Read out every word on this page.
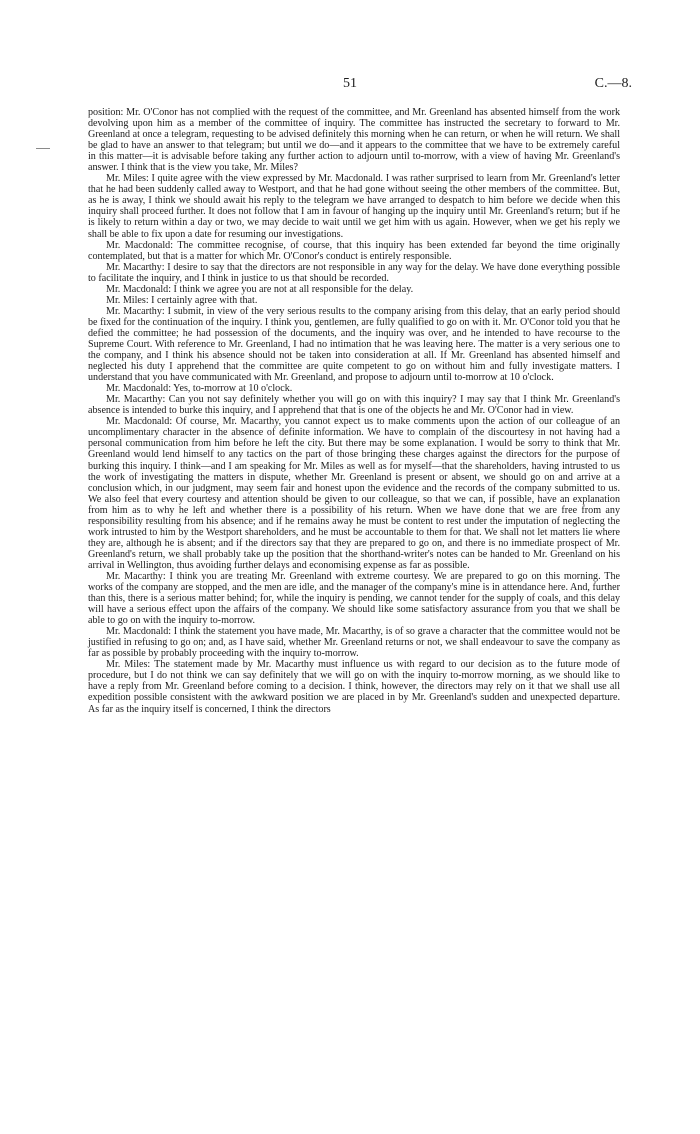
51	C.—8.

position: Mr. O'Conor has not complied with the request of the committee, and Mr. Greenland has absented himself from the work devolving upon him as a member of the committee of inquiry. The committee has instructed the secretary to forward to Mr. Greenland at once a telegram, requesting to be advised definitely this morning when he can return, or when he will return. We shall be glad to have an answer to that telegram; but until we do—and it appears to the committee that we have to be extremely careful in this matter—it is advisable before taking any further action to adjourn until to-morrow, with a view of having Mr. Greenland's answer. I think that is the view you take, Mr. Miles?

Mr. Miles: I quite agree with the view expressed by Mr. Macdonald. I was rather surprised to learn from Mr. Greenland's letter that he had been suddenly called away to Westport, and that he had gone without seeing the other members of the committee. But, as he is away, I think we should await his reply to the telegram we have arranged to despatch to him before we decide when this inquiry shall proceed further. It does not follow that I am in favour of hanging up the inquiry until Mr. Greenland's return; but if he is likely to return within a day or two, we may decide to wait until we get him with us again. However, when we get his reply we shall be able to fix upon a date for resuming our investigations.

Mr. Macdonald: The committee recognise, of course, that this inquiry has been extended far beyond the time originally contemplated, but that is a matter for which Mr. O'Conor's conduct is entirely responsible.

Mr. Macarthy: I desire to say that the directors are not responsible in any way for the delay. We have done everything possible to facilitate the inquiry, and I think in justice to us that should be recorded.

Mr. Macdonald: I think we agree you are not at all responsible for the delay.

Mr. Miles: I certainly agree with that.

Mr. Macarthy: I submit, in view of the very serious results to the company arising from this delay, that an early period should be fixed for the continuation of the inquiry. I think you, gentlemen, are fully qualified to go on with it. Mr. O'Conor told you that he defied the committee; he had possession of the documents, and the inquiry was over, and he intended to have recourse to the Supreme Court. With reference to Mr. Greenland, I had no intimation that he was leaving here. The matter is a very serious one to the company, and I think his absence should not be taken into consideration at all. If Mr. Greenland has absented himself and neglected his duty I apprehend that the committee are quite competent to go on without him and fully investigate matters. I understand that you have communicated with Mr. Greenland, and propose to adjourn until to-morrow at 10 o'clock.

Mr. Macdonald: Yes, to-morrow at 10 o'clock.

Mr. Macarthy: Can you not say definitely whether you will go on with this inquiry? I may say that I think Mr. Greenland's absence is intended to burke this inquiry, and I apprehend that that is one of the objects he and Mr. O'Conor had in view.

Mr. Macdonald: Of course, Mr. Macarthy, you cannot expect us to make comments upon the action of our colleague of an uncomplimentary character in the absence of definite information. We have to complain of the discourtesy in not having had a personal communication from him before he left the city. But there may be some explanation. I would be sorry to think that Mr. Greenland would lend himself to any tactics on the part of those bringing these charges against the directors for the purpose of burking this inquiry. I think—and I am speaking for Mr. Miles as well as for myself—that the shareholders, having intrusted to us the work of investigating the matters in dispute, whether Mr. Greenland is present or absent, we should go on and arrive at a conclusion which, in our judgment, may seem fair and honest upon the evidence and the records of the company submitted to us. We also feel that every courtesy and attention should be given to our colleague, so that we can, if possible, have an explanation from him as to why he left and whether there is a possibility of his return. When we have done that we are free from any responsibility resulting from his absence; and if he remains away he must be content to rest under the imputation of neglecting the work intrusted to him by the Westport shareholders, and he must be accountable to them for that. We shall not let matters lie where they are, although he is absent; and if the directors say that they are prepared to go on, and there is no immediate prospect of Mr. Greenland's return, we shall probably take up the position that the shorthand-writer's notes can be handed to Mr. Greenland on his arrival in Wellington, thus avoiding further delays and economising expense as far as possible.

Mr. Macarthy: I think you are treating Mr. Greenland with extreme courtesy. We are prepared to go on this morning. The works of the company are stopped, and the men are idle, and the manager of the company's mine is in attendance here. And, further than this, there is a serious matter behind; for, while the inquiry is pending, we cannot tender for the supply of coals, and this delay will have a serious effect upon the affairs of the company. We should like some satisfactory assurance from you that we shall be able to go on with the inquiry to-morrow.

Mr. Macdonald: I think the statement you have made, Mr. Macarthy, is of so grave a character that the committee would not be justified in refusing to go on; and, as I have said, whether Mr. Greenland returns or not, we shall endeavour to save the company as far as possible by probably proceeding with the inquiry to-morrow.

Mr. Miles: The statement made by Mr. Macarthy must influence us with regard to our decision as to the future mode of procedure, but I do not think we can say definitely that we will go on with the inquiry to-morrow morning, as we should like to have a reply from Mr. Greenland before coming to a decision. I think, however, the directors may rely on it that we shall use all expedition possible consistent with the awkward position we are placed in by Mr. Greenland's sudden and unexpected departure. As far as the inquiry itself is concerned, I think the directors
